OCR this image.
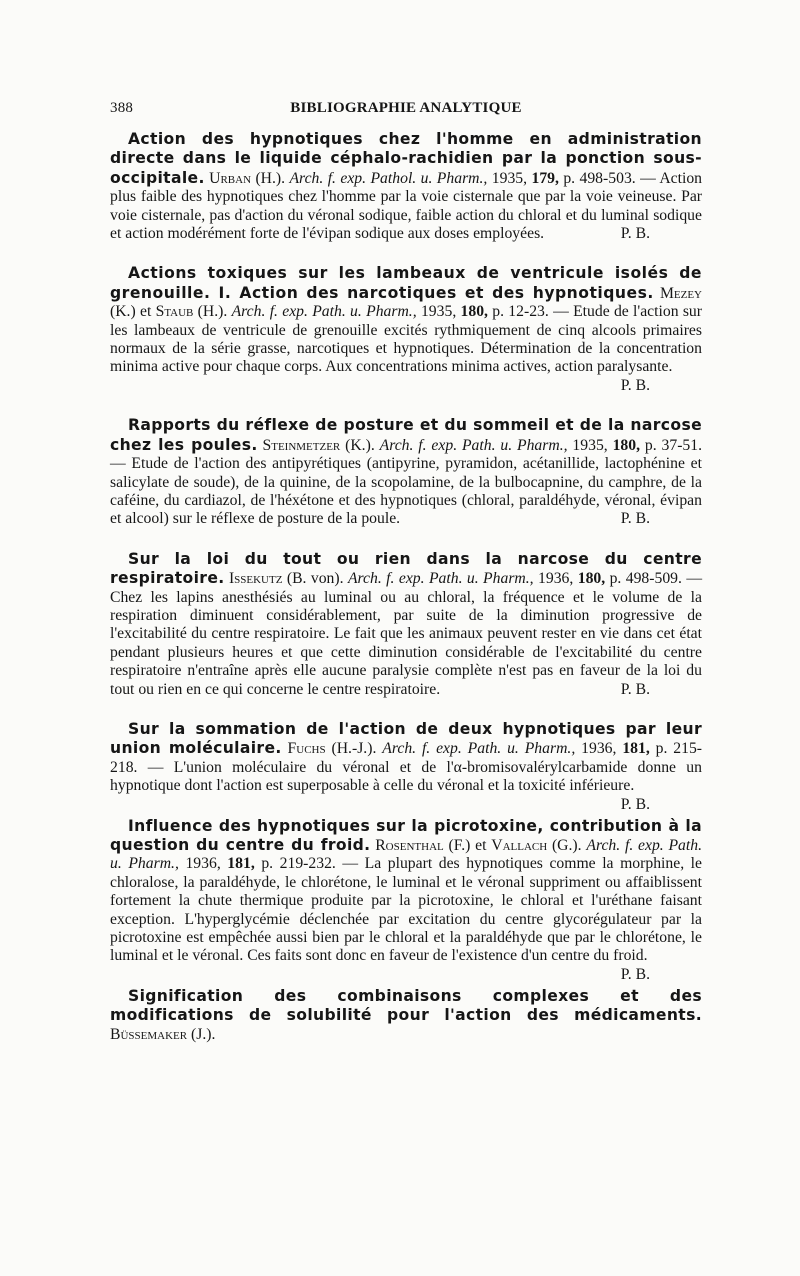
388	BIBLIOGRAPHIE ANALYTIQUE

Action des hypnotiques chez l'homme en administration directe dans le liquide céphalo-rachidien par la ponction sous-occipitale. Urban (H.). Arch. f. exp. Pathol. u. Pharm., 1935, 179, p. 498-503. — Action plus faible des hypnotiques chez l'homme par la voie cisternale que par la voie veineuse. Par voie cisternale, pas d'action du véronal sodique, faible action du chloral et du luminal sodique et action modérément forte de l'évipan sodique aux doses employées.	P. B.

Actions toxiques sur les lambeaux de ventricule isolés de grenouille. I. Action des narcotiques et des hypnotiques. Mezey (K.) et Staub (H.). Arch. f. exp. Path. u. Pharm., 1935, 180, p. 12-23. — Etude de l'action sur les lambeaux de ventricule de grenouille excités rythmiquement de cinq alcools primaires normaux de la série grasse, narcotiques et hypnotiques. Détermination de la concentration minima active pour chaque corps. Aux concentrations minima actives, action paralysante.
P. B.

Rapports du réflexe de posture et du sommeil et de la narcose chez les poules. Steinmetzer (K.). Arch. f. exp. Path. u. Pharm., 1935, 180, p. 37-51. — Etude de l'action des antipyrétiques (antipyrine, pyramidon, acétanillide, lactophénine et salicylate de soude), de la quinine, de la scopolamine, de la bulbocapnine, du camphre, de la caféine, du cardiazol, de l'héxétone et des hypnotiques (chloral, paraldéhyde, véronal, évipan et alcool) sur le réflexe de posture de la poule.	P. B.

Sur la loi du tout ou rien dans la narcose du centre respiratoire. Issekutz (B. von). Arch. f. exp. Path. u. Pharm., 1936, 180, p. 498-509. — Chez les lapins anesthésiés au luminal ou au chloral, la fréquence et le volume de la respiration diminuent considérablement, par suite de la diminution progressive de l'excitabilité du centre respiratoire. Le fait que les animaux peuvent rester en vie dans cet état pendant plusieurs heures et que cette diminution considérable de l'excitabilité du centre respiratoire n'entraîne après elle aucune paralysie complète n'est pas en faveur de la loi du tout ou rien en ce qui concerne le centre respiratoire.	P. B.

Sur la sommation de l'action de deux hypnotiques par leur union moléculaire. Fuchs (H.-J.). Arch. f. exp. Path. u. Pharm., 1936, 181, p. 215-218. — L'union moléculaire du véronal et de l'α-bromisovalérylcarbamide donne un hypnotique dont l'action est superposable à celle du véronal et la toxicité inférieure.
P. B.

Influence des hypnotiques sur la picrotoxine, contribution à la question du centre du froid. Rosenthal (F.) et Vallach (G.). Arch. f. exp. Path. u. Pharm., 1936, 181, p. 219-232. — La plupart des hypnotiques comme la morphine, le chloralose, la paraldéhyde, le chlorétone, le luminal et le véronal suppriment ou affaiblissent fortement la chute thermique produite par la picrotoxine, le chloral et l'uréthane faisant exception. L'hyperglycémie déclenchée par excitation du centre glycorégulateur par la picrotoxine est empêchée aussi bien par le chloral et la paraldéhyde que par le chlorétone, le luminal et le véronal. Ces faits sont donc en faveur de l'existence d'un centre du froid.
P. B.

Signification des combinaisons complexes et des modifications de solubilité pour l'action des médicaments. Büssemaker (J.).
